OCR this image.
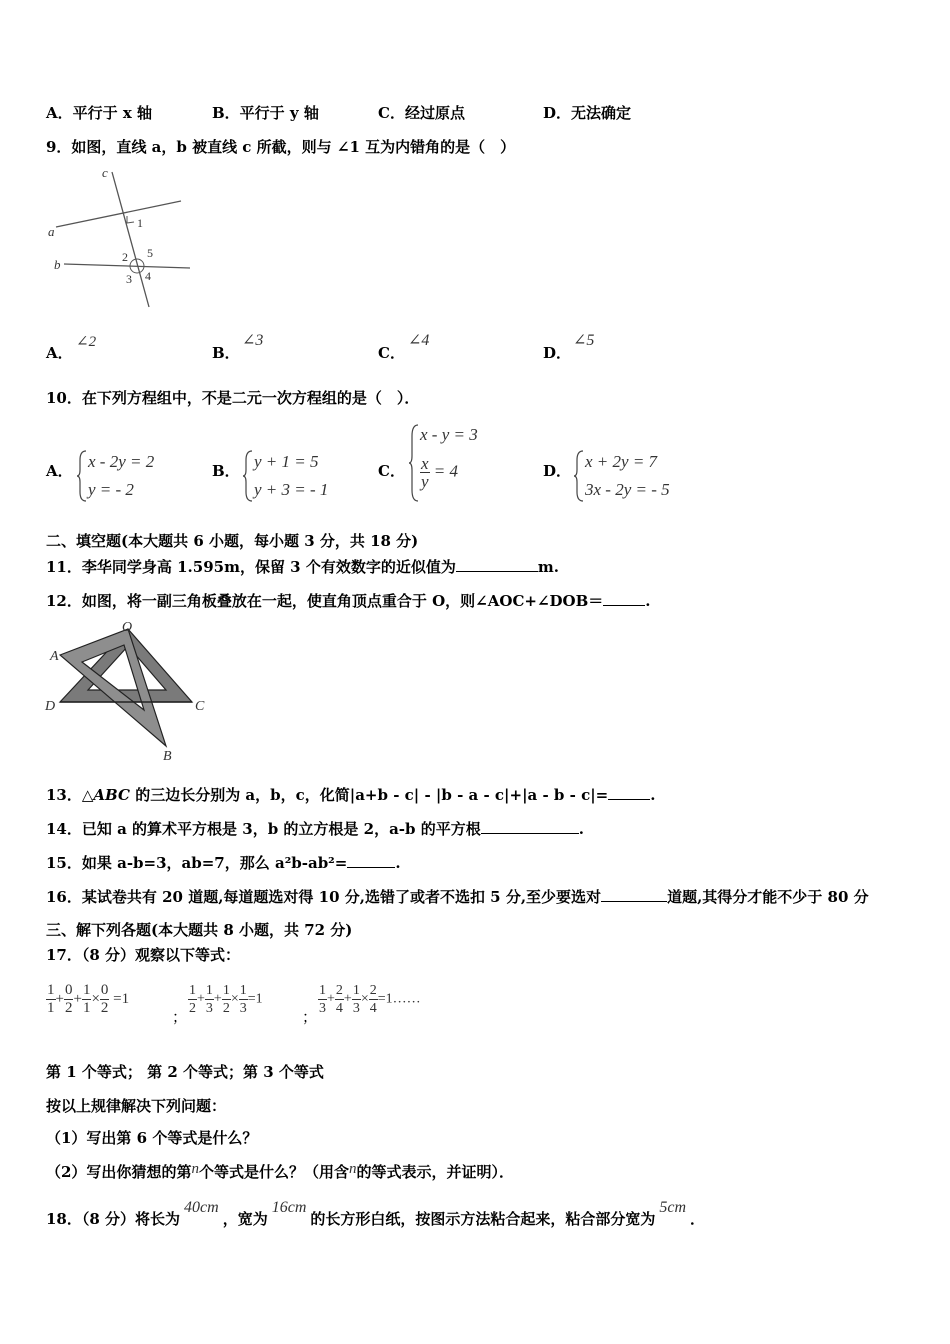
A．平行于 x 轴	B．平行于 y 轴	C．经过原点	D．无法确定
9．如图，直线 a，b 被直线 c 所截，则与 ∠1 互为内错角的是（　）
c
a
b
1
2 5
3 4
A．
∠2
B．
∠3
C．
∠4
D．
∠5
10．在下列方程组中，不是二元一次方程组的是（　）．
A． x - 2y = 2
y = - 2
B． y + 1 = 5
y + 3 = - 1
C．
x - y = 3
$\frac{x}{y} = 4$	D． x + 2y = 7
3x - 2y = - 5
二、填空题(本大题共 6 小题，每小题 3 分，共 18 分)
11．李华同学身高 1.595m，保留 3 个有效数字的近似值为	m.
12．如图，将一副三角板叠放在一起，使直角顶点重合于 O，则∠AOC+∠DOB＝	.
O
A
D	C
B
13．△ABC 的三边长分别为 a，b，c，化简|a+b - c| - |b - a - c|+|a - b - c|=	.
14．已知 a 的算术平方根是 3，b 的立方根是 2，a-b 的平方根	.
15．如果 a-b=3，ab=7，那么 a²b-ab²=	.
16．某试卷共有 20 道题,每道题选对得 10 分,选错了或者不选扣 5 分,至少要选对	道题,其得分才能不少于 80 分
三、解下列各题(本大题共 8 小题，共 72 分)
17．（8 分）观察以下等式：
$\frac{1}{1} + \frac{0}{2} + \frac{1}{1} \times \frac{0}{2} =1$
； $\frac{1}{2} + \frac{1}{3} + \frac{1}{2} \times \frac{1}{3} =1$
； $\frac{1}{3} + \frac{2}{4} + \frac{1}{3} \times \frac{2}{4}$ =1……
第 1 个等式； 第 2 个等式；第 3 个等式
按以上规律解决下列问题：
（1）写出第 6 个等式是什么？
（2）写出你猜想的第n个等式是什么？（用含n的等式表示，并证明）．
18．（8 分）将长为40cm，宽为16cm的长方形白纸，按图示方法粘合起来，粘合部分宽为5cm．
